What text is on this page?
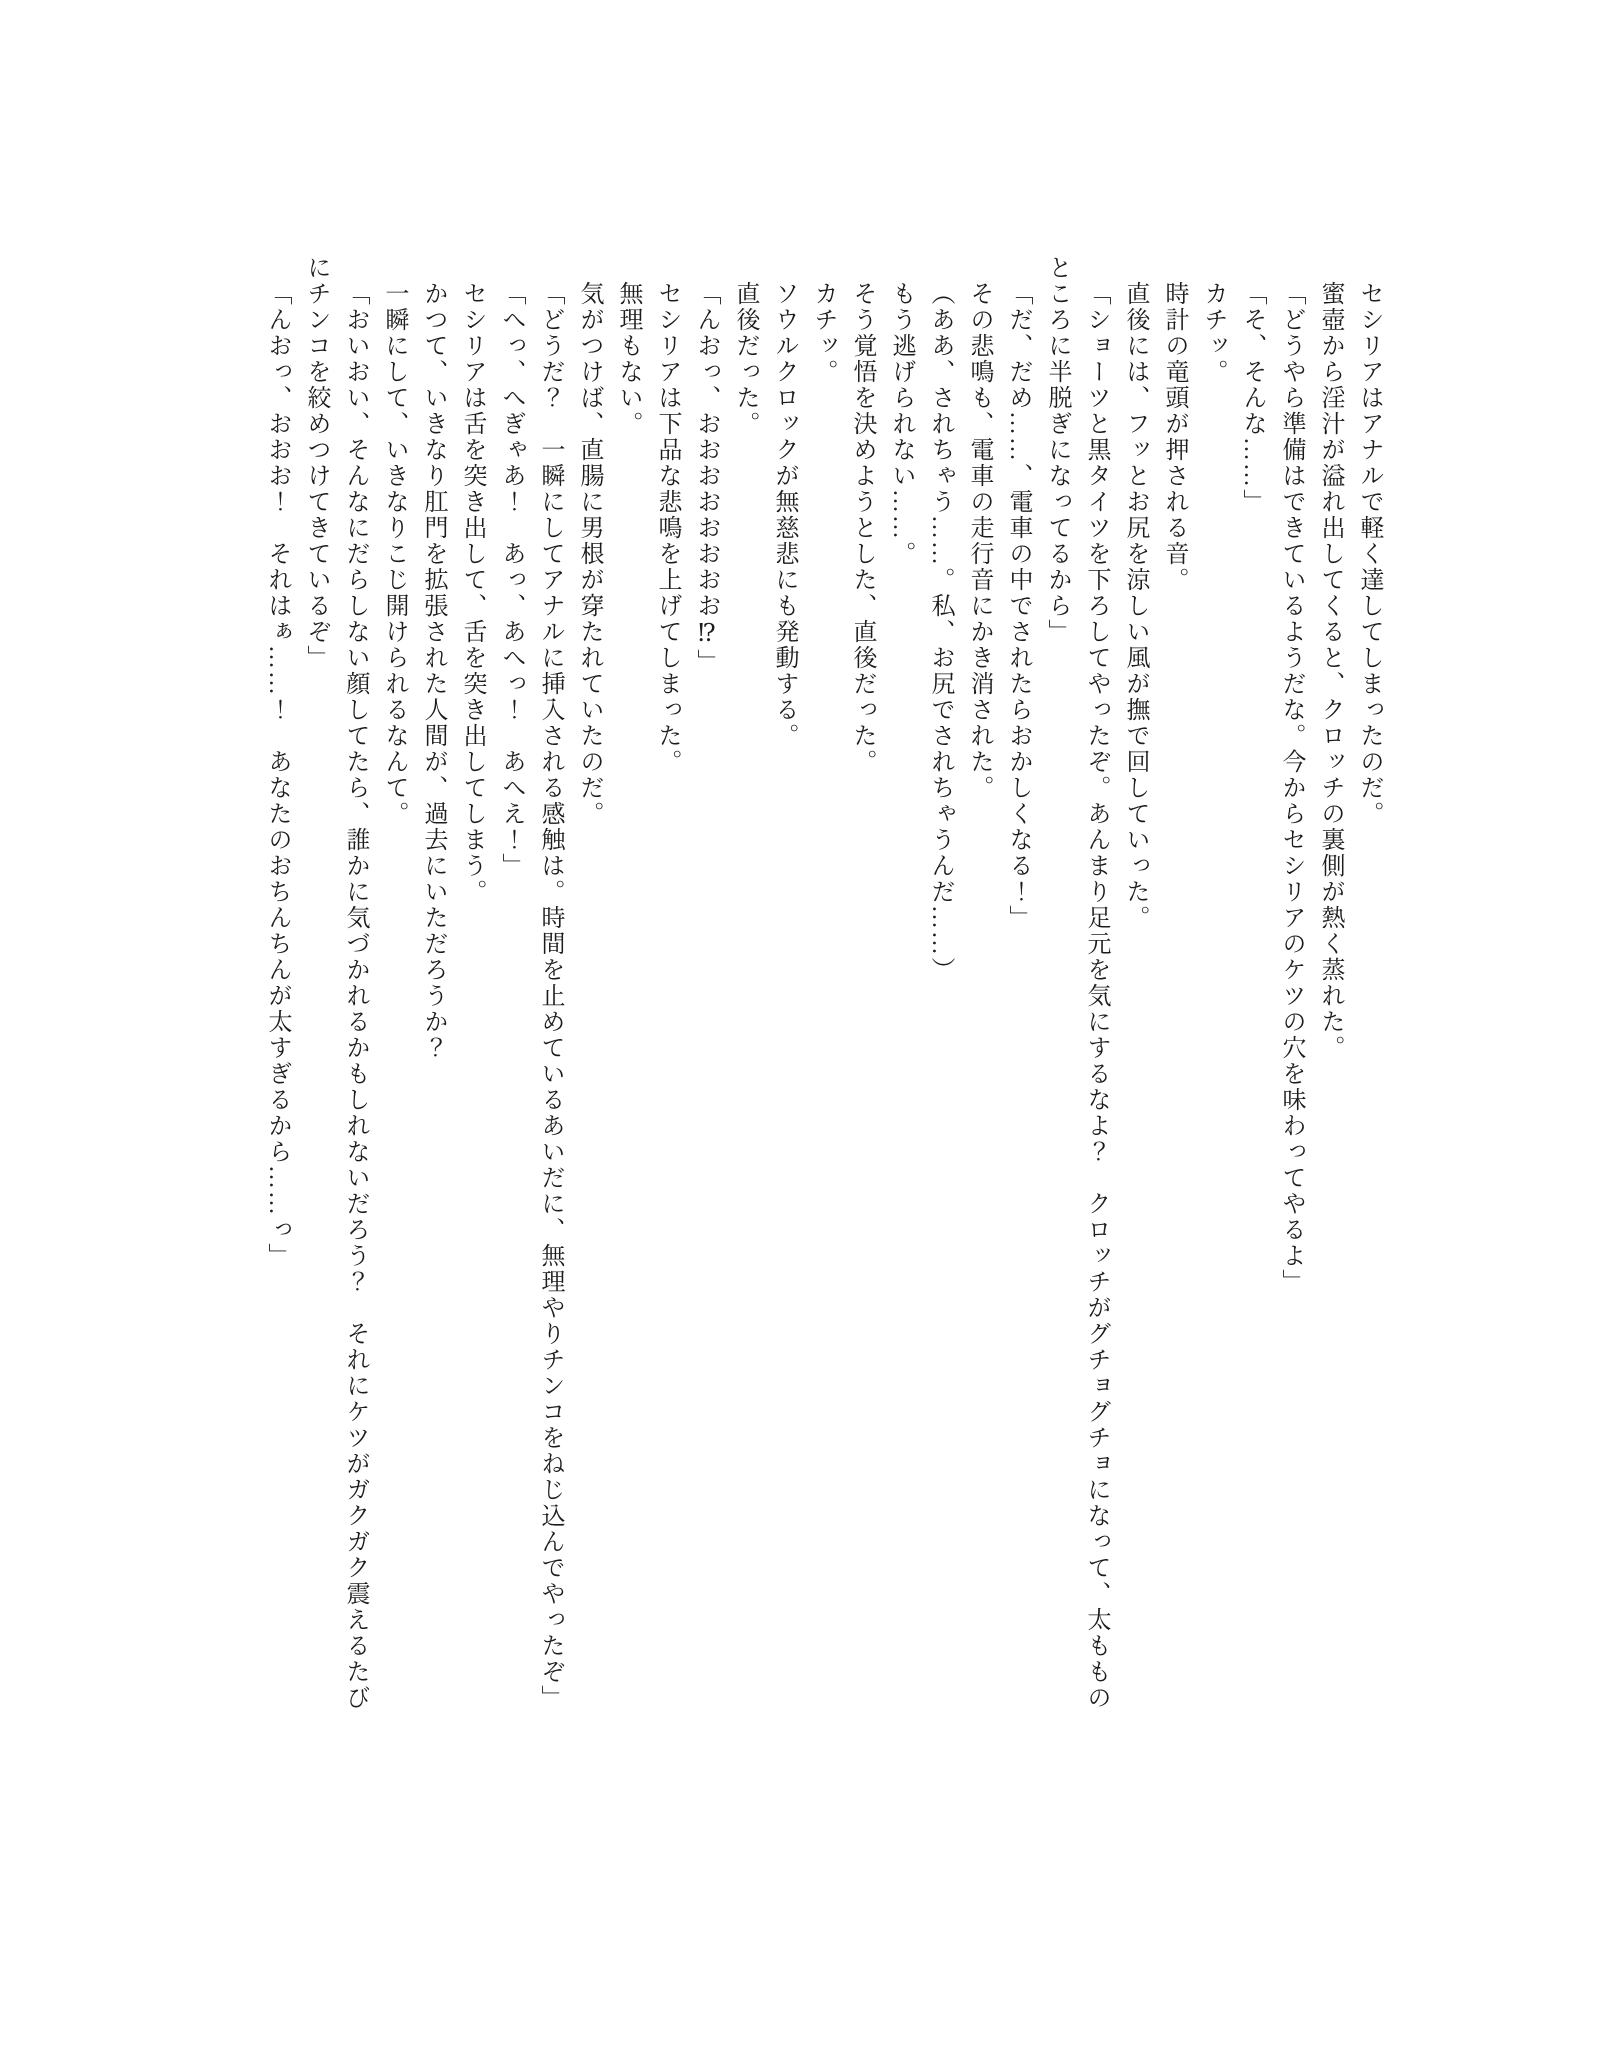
セシリアはアナルで軽く達してしまったのだ。

蜜壺から淫汁が溢れ出してくると、クロッチの裏側が熱く蒸れた。

「どうやら準備はできているようだな。今からセシリアのケツの穴を味わってやるよ」

「そ、そんな……」

カチッ。

時計の竜頭が押される音。

直後には、フッとお尻を涼しい風が撫で回していった。

「ショーツと黒タイツを下ろしてやったぞ。あんまり足元を気にするなよ？　クロッチがグチョグチョになって、太もものところに半脱ぎになってるから」

「だ、だめ……、電車の中でされたらおかしくなる！」

その悲鳴も、電車の走行音にかき消された。

（ああ、されちゃう……。私、お尻でされちゃうんだ……）

もう逃げられない……。

そう覚悟を決めようとした、直後だった。

カチッ。

ソウルクロックが無慈悲にも発動する。

直後だった。

「んおっ、おおおおおおおお⁉」

セシリアは下品な悲鳴を上げてしまった。

無理もない。

気がつけば、直腸に男根が穿たれていたのだ。

「どうだ？　一瞬にしてアナルに挿入される感触は。時間を止めているあいだに、無理やりチンコをねじ込んでやったぞ」

「へっ、へぎゃあ！　あっ、あへっ！　あへえ！」

セシリアは舌を突き出して、舌を突き出してしまう。

かつて、いきなり肛門を拡張された人間が、過去にいただろうか？

一瞬にして、いきなりこじ開けられるなんて。

「おいおい、そんなにだらしない顔してたら、誰かに気づかれるかもしれないだろう？　それにケツがガクガク震えるたびにチンコを絞めつけてきているぞ」

「んおっ、おおお！　それはぁ……！　あなたのおちんちんが太すぎるから……っ」
